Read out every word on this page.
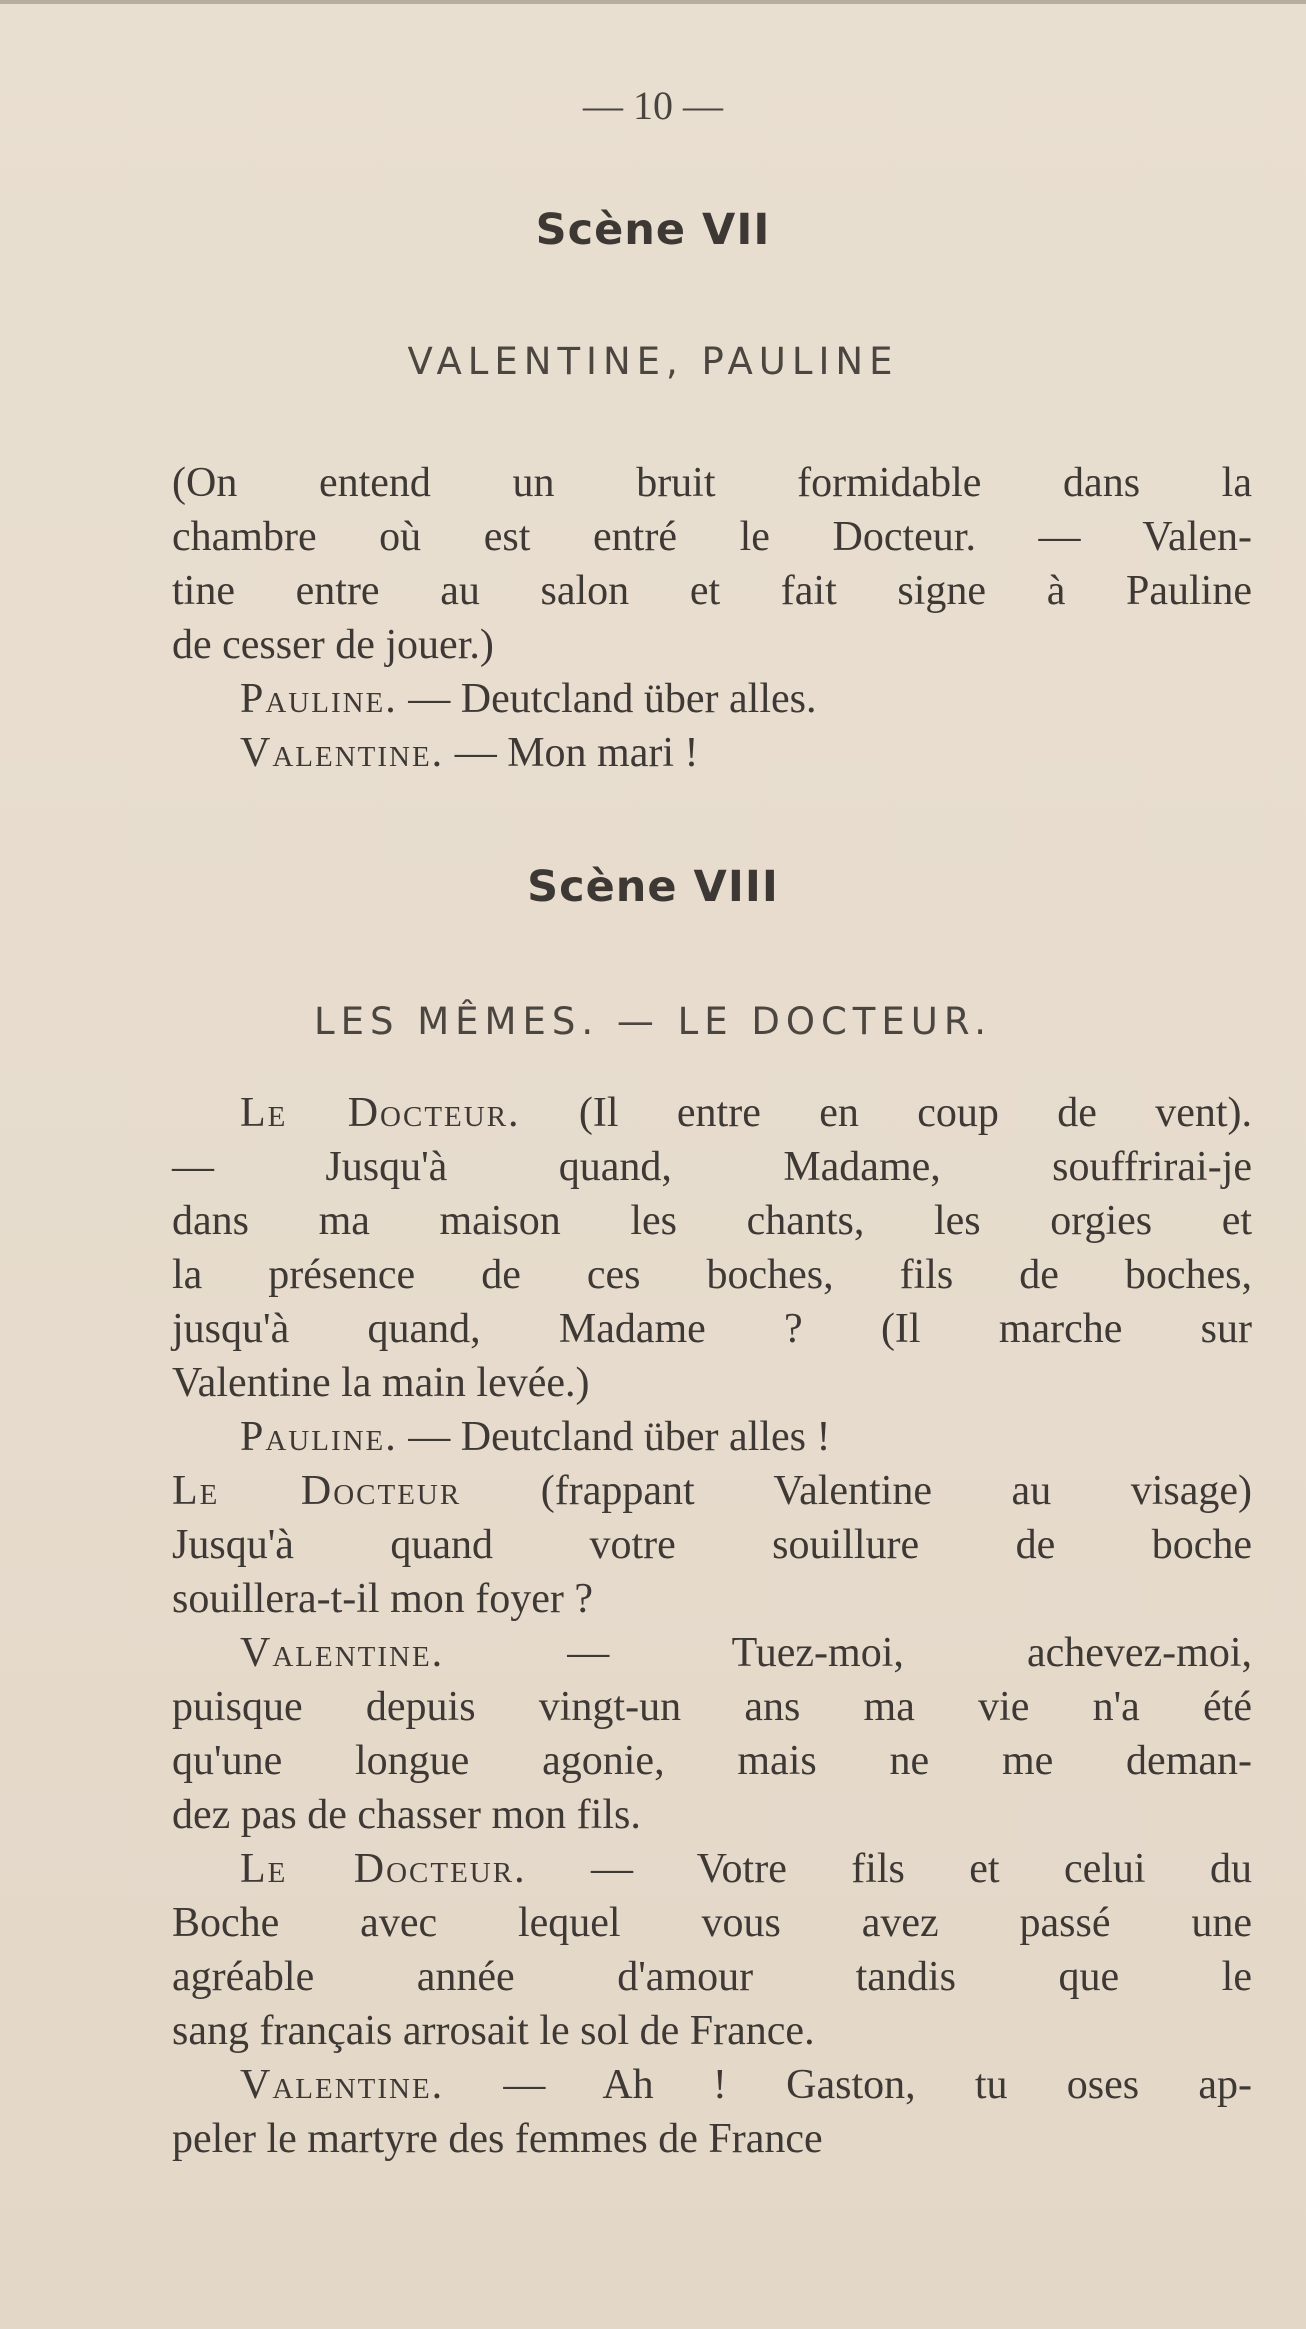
— 10 —
Scène VII
VALENTINE, PAULINE
(On entend un bruit formidable dans la
chambre où est entré le Docteur. — Valen-
tine entre au salon et fait signe à Pauline
de cesser de jouer.)
Pauline. — Deutcland über alles.
Valentine. — Mon mari !
Scène VIII
LES MÊMES. — LE DOCTEUR.
Le Docteur. (Il entre en coup de vent).
— Jusqu'à quand, Madame, souffrirai-je
dans ma maison les chants, les orgies et
la présence de ces boches, fils de boches,
jusqu'à quand, Madame ? (Il marche sur
Valentine la main levée.)
Pauline. — Deutcland über alles !
Le Docteur (frappant Valentine au visage)
Jusqu'à quand votre souillure de boche
souillera-t-il mon foyer ?
Valentine. — Tuez-moi, achevez-moi,
puisque depuis vingt-un ans ma vie n'a été
qu'une longue agonie, mais ne me deman-
dez pas de chasser mon fils.
Le Docteur. — Votre fils et celui du
Boche avec lequel vous avez passé une
agréable année d'amour tandis que le
sang français arrosait le sol de France.
Valentine. — Ah ! Gaston, tu oses ap-
peler le martyre des femmes de France
